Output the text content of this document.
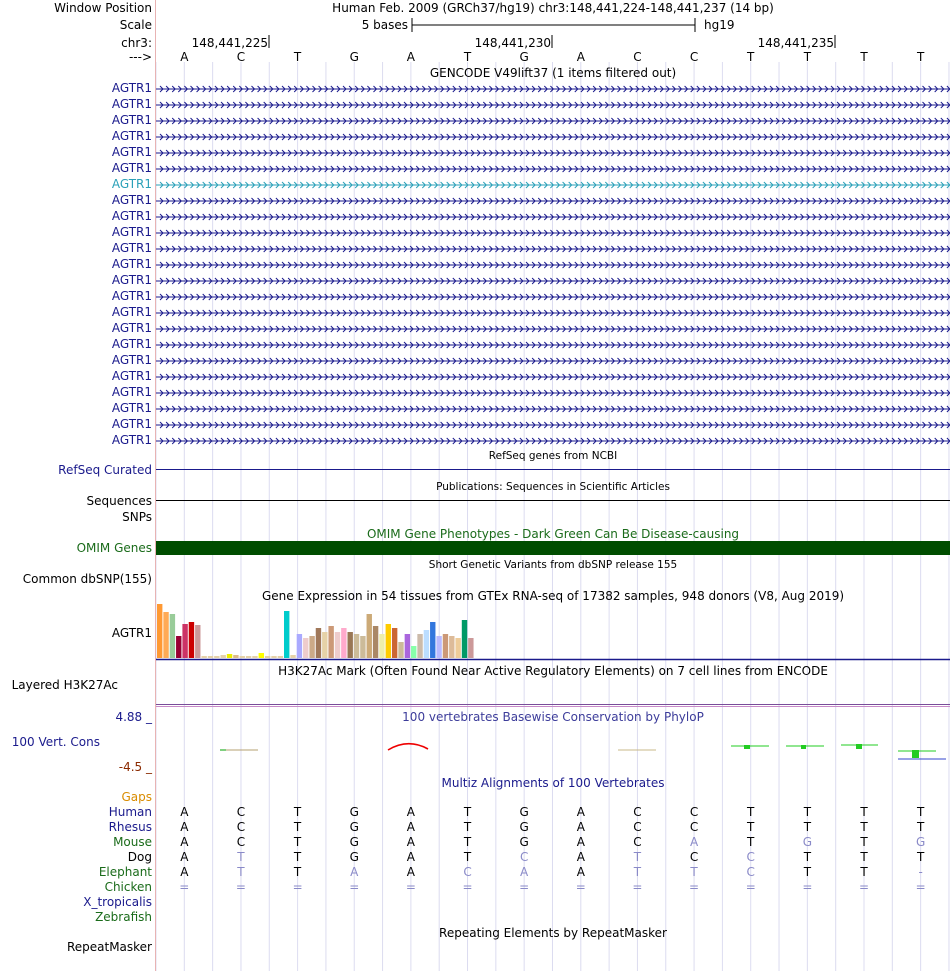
Window Position	Human Feb. 2009 (GRCh37/hg19) chr3:148,441,224-148,441,237 (14 bp)
Scale	5 bases	hg19
chr3:	148,441,225	148,441,230	148,441,235
--->	A	C	T	G	A	T	G	A	C	C	T	T	T	T
GENCODE V49lift37 (1 items filtered out)
AGTR1
AGTR1
AGTR1
AGTR1
AGTR1
AGTR1
AGTR1
AGTR1
AGTR1
AGTR1
AGTR1
AGTR1
AGTR1
AGTR1
AGTR1
AGTR1
AGTR1
AGTR1
AGTR1
AGTR1
AGTR1
AGTR1
AGTR1
RefSeq genes from NCBI
RefSeq Curated
Publications: Sequences in Scientific Articles
Sequences
SNPs
OMIM Gene Phenotypes - Dark Green Can Be Disease-causing
OMIM Genes
Short Genetic Variants from dbSNP release 155
Common dbSNP(155)
Gene Expression in 54 tissues from GTEx RNA-seq of 17382 samples, 948 donors (V8, Aug 2019)
AGTR1
H3K27Ac Mark (Often Found Near Active Regulatory Elements) on 7 cell lines from ENCODE
Layered H3K27Ac
4.88 _	100 vertebrates Basewise Conservation by PhyloP
100 Vert. Cons
-4.5 _
Multiz Alignments of 100 Vertebrates
Gaps
Human	A	C	T	G	A	T	G	A	C	C	T	T	T	T
Rhesus	A	C	T	G	A	T	G	A	C	C	T	T	T	T
Mouse	A	C	T	G	A	T	G	A	C	A	T	G	T	G
Dog	A	T	T	G	A	T	C	A	T	C	C	T	T	T
Elephant	A	T	T	A	A	C	A	A	T	T	C	T	T	-
Chicken	=	=	=	=	=	=	=	=	=	=	=	=	=	=
X_tropicalis
Zebrafish
Repeating Elements by RepeatMasker
RepeatMasker
